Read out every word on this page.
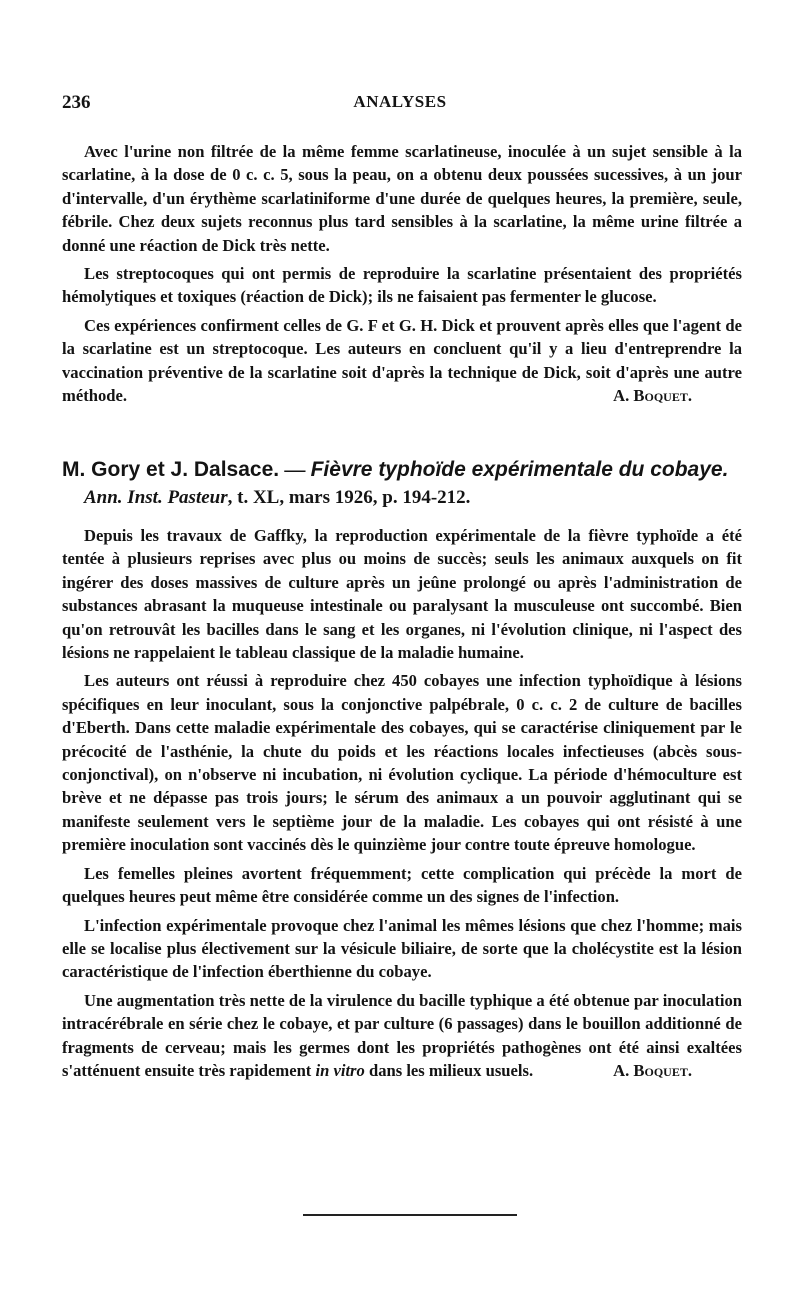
236	ANALYSES

Avec l'urine non filtrée de la même femme scarlatineuse, inoculée à un sujet sensible à la scarlatine, à la dose de 0 c. c. 5, sous la peau, on a obtenu deux poussées sucessives, à un jour d'intervalle, d'un érythème scarlatiniforme d'une durée de quelques heures, la première, seule, fébrile. Chez deux sujets reconnus plus tard sensibles à la scarlatine, la même urine filtrée a donné une réaction de Dick très nette.

Les streptocoques qui ont permis de reproduire la scarlatine présentaient des propriétés hémolytiques et toxiques (réaction de Dick); ils ne faisaient pas fermenter le glucose.

Ces expériences confirment celles de G. F et G. H. Dick et prouvent après elles que l'agent de la scarlatine est un streptocoque. Les auteurs en concluent qu'il y a lieu d'entreprendre la vaccination préventive de la scarlatine soit d'après la technique de Dick, soit d'après une autre méthode.	A. Boquet.

M. Gory et J. Dalsace. — Fièvre typhoïde expérimentale du cobaye.

Ann. Inst. Pasteur, t. XL, mars 1926, p. 194-212.

Depuis les travaux de Gaffky, la reproduction expérimentale de la fièvre typhoïde a été tentée à plusieurs reprises avec plus ou moins de succès; seuls les animaux auxquels on fit ingérer des doses massives de culture après un jeûne prolongé ou après l'administration de substances abrasant la muqueuse intestinale ou paralysant la musculeuse ont succombé. Bien qu'on retrouvât les bacilles dans le sang et les organes, ni l'évolution clinique, ni l'aspect des lésions ne rappelaient le tableau classique de la maladie humaine.

Les auteurs ont réussi à reproduire chez 450 cobayes une infection typhoïdique à lésions spécifiques en leur inoculant, sous la conjonctive palpébrale, 0 c. c. 2 de culture de bacilles d'Eberth. Dans cette maladie expérimentale des cobayes, qui se caractérise cliniquement par le précocité de l'asthénie, la chute du poids et les réactions locales infectieuses (abcès sous-conjonctival), on n'observe ni incubation, ni évolution cyclique. La période d'hémoculture est brève et ne dépasse pas trois jours; le sérum des animaux a un pouvoir agglutinant qui se manifeste seulement vers le septième jour de la maladie. Les cobayes qui ont résisté à une première inoculation sont vaccinés dès le quinzième jour contre toute épreuve homologue.

Les femelles pleines avortent fréquemment; cette complication qui précède la mort de quelques heures peut même être considérée comme un des signes de l'infection.

L'infection expérimentale provoque chez l'animal les mêmes lésions que chez l'homme; mais elle se localise plus électivement sur la vésicule biliaire, de sorte que la cholécystite est la lésion caractéristique de l'infection éberthienne du cobaye.

Une augmentation très nette de la virulence du bacille typhique a été obtenue par inoculation intracérébrale en série chez le cobaye, et par culture (6 passages) dans le bouillon additionné de fragments de cerveau; mais les germes dont les propriétés pathogènes ont été ainsi exaltées s'atténuent ensuite très rapidement in vitro dans les milieux usuels.	A. Boquet.
